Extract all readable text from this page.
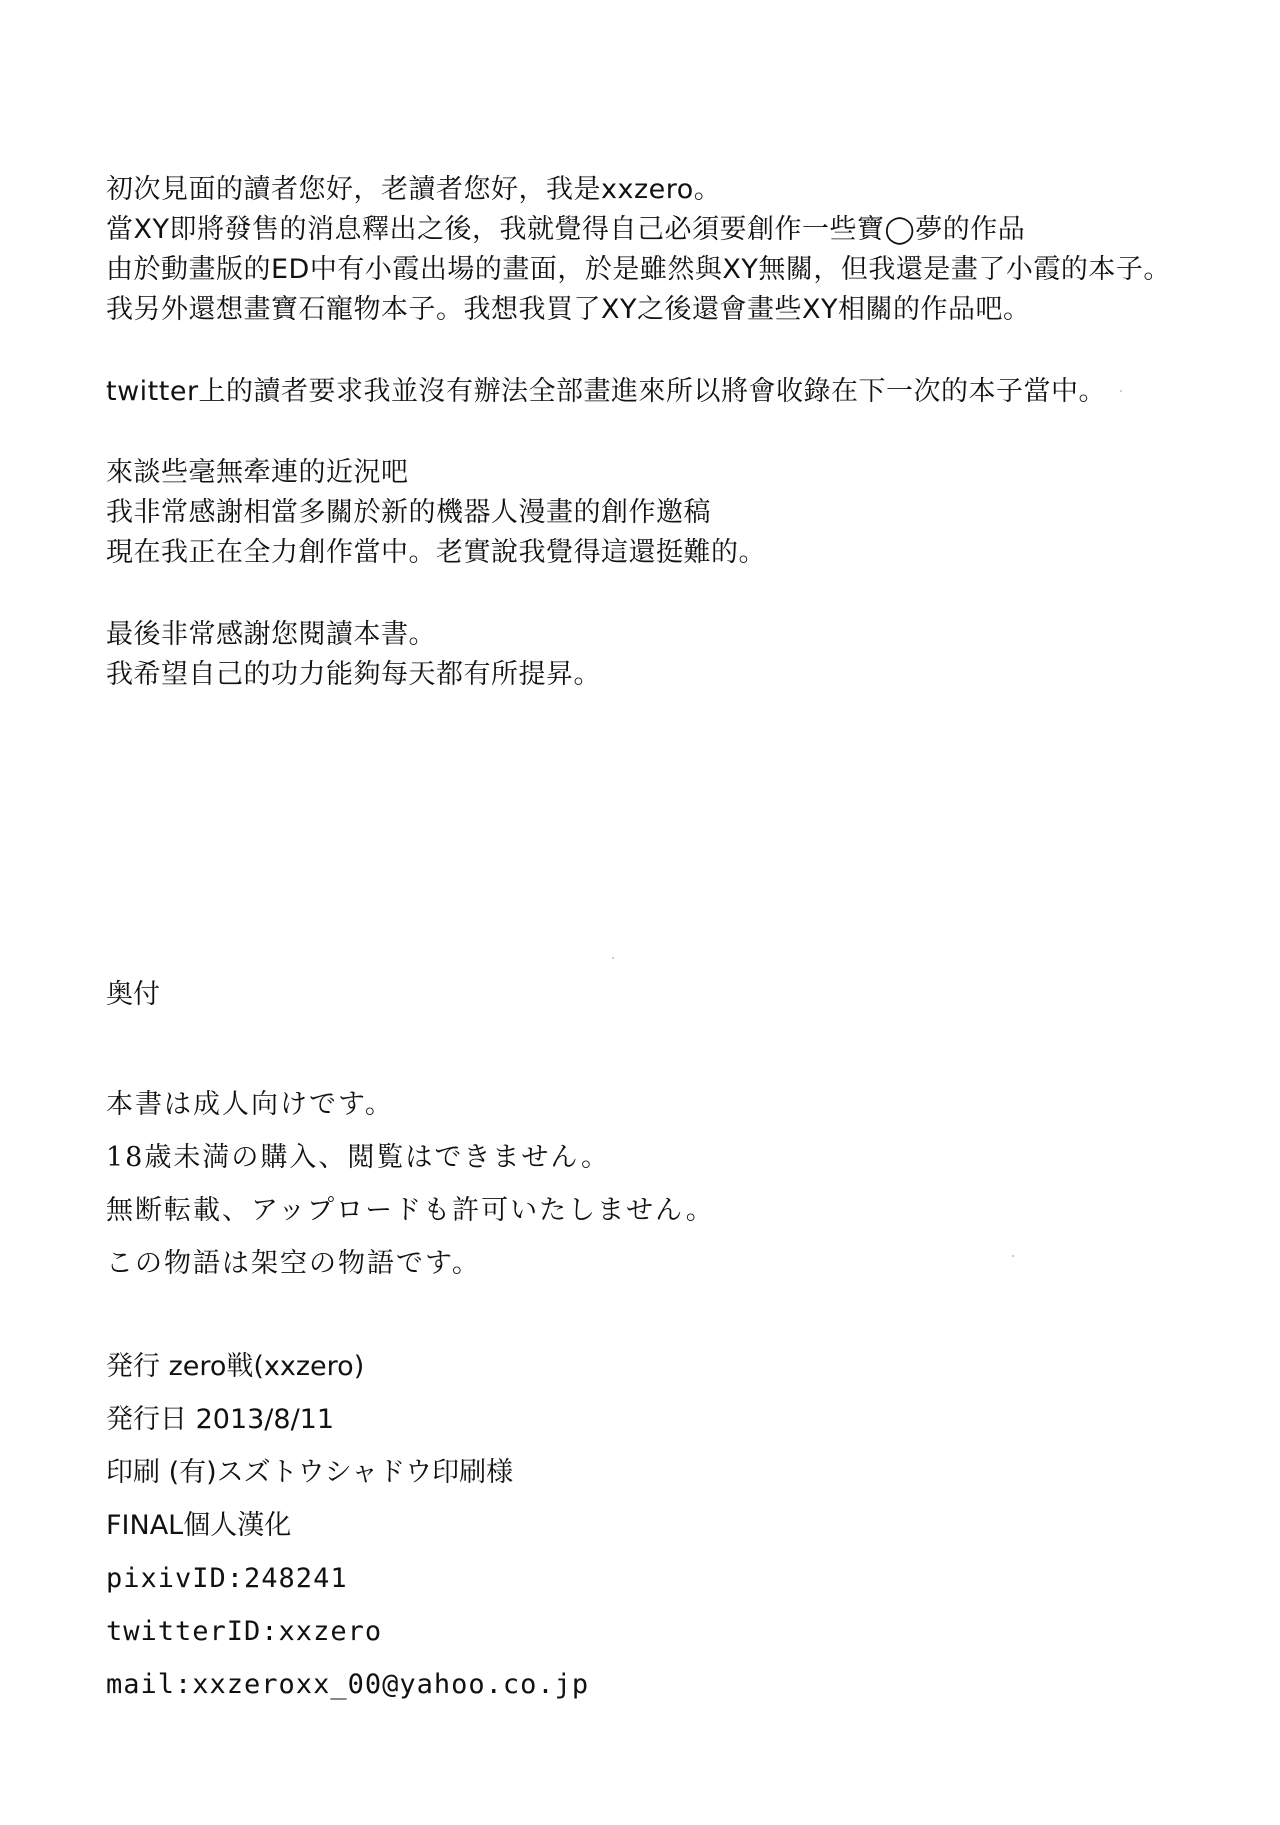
初次見面的讀者您好，老讀者您好，我是xxzero。
當XY即將發售的消息釋出之後，我就覺得自己必須要創作一些寶◯夢的作品
由於動畫版的ED中有小霞出場的畫面，於是雖然與XY無關，但我還是畫了小霞的本子。
我另外還想畫寶石寵物本子。我想我買了XY之後還會畫些XY相關的作品吧。
twitter上的讀者要求我並沒有辦法全部畫進來所以將會收錄在下一次的本子當中。
來談些毫無牽連的近況吧
我非常感謝相當多關於新的機器人漫畫的創作邀稿
現在我正在全力創作當中。老實說我覺得這還挺難的。
最後非常感謝您閱讀本書。
我希望自己的功力能夠每天都有所提昇。
奥付
本書は成人向けです。
18歳未満の購入、閲覧はできません。
無断転載、アップロードも許可いたしません。
この物語は架空の物語です。
発行 zero戦(xxzero)
発行日 2013/8/11
印刷 (有)スズトウシャドウ印刷様
FINAL個人漢化
pixivID:248241
twitterID:xxzero
mail:xxzeroxx_00@yahoo.co.jp
